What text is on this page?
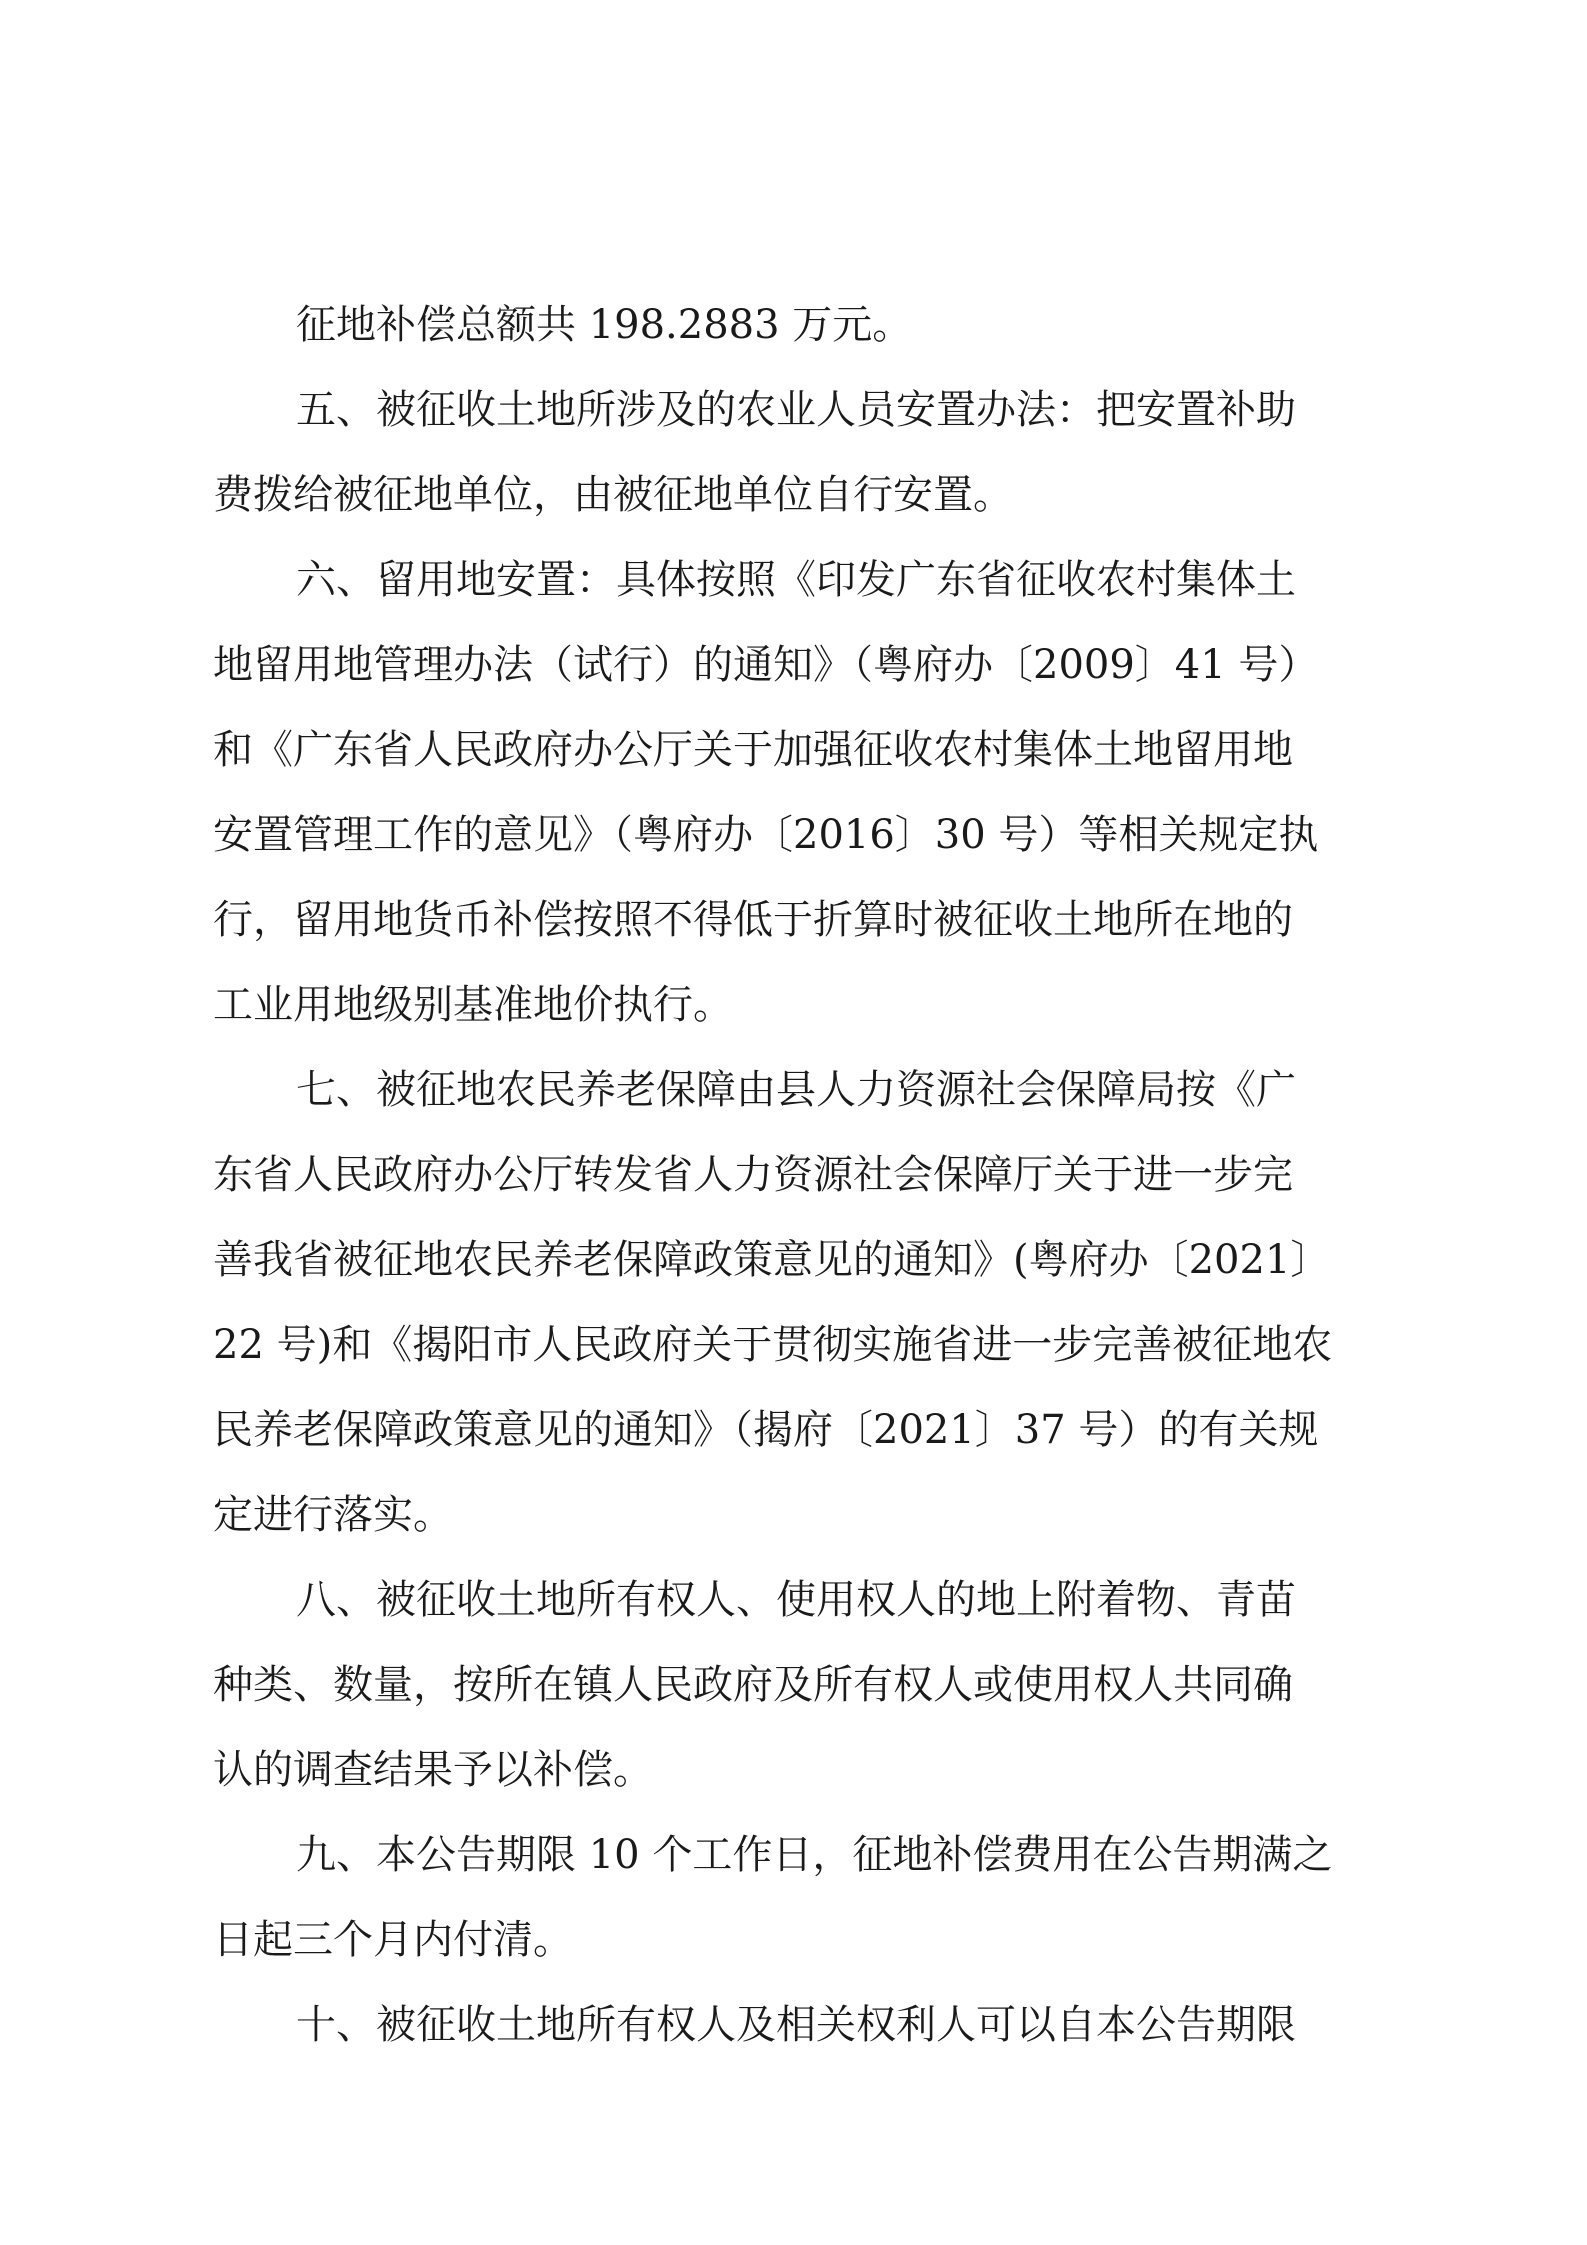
征地补偿总额共 198.2883 万元。
五、被征收土地所涉及的农业人员安置办法：把安置补助
费拨给被征地单位，由被征地单位自行安置。
六、留用地安置：具体按照《印发广东省征收农村集体土
地留用地管理办法（试行）的通知》（粤府办〔2009〕41 号）
和《广东省人民政府办公厅关于加强征收农村集体土地留用地
安置管理工作的意见》（粤府办〔2016〕30 号）等相关规定执
行，留用地货币补偿按照不得低于折算时被征收土地所在地的
工业用地级别基准地价执行。
七、被征地农民养老保障由县人力资源社会保障局按《广
东省人民政府办公厅转发省人力资源社会保障厅关于进一步完
善我省被征地农民养老保障政策意见的通知》(粤府办〔2021〕
22 号)和《揭阳市人民政府关于贯彻实施省进一步完善被征地农
民养老保障政策意见的通知》（揭府〔2021〕37 号）的有关规
定进行落实。
八、被征收土地所有权人、使用权人的地上附着物、青苗
种类、数量，按所在镇人民政府及所有权人或使用权人共同确
认的调查结果予以补偿。
九、本公告期限 10 个工作日，征地补偿费用在公告期满之
日起三个月内付清。
十、被征收土地所有权人及相关权利人可以自本公告期限
